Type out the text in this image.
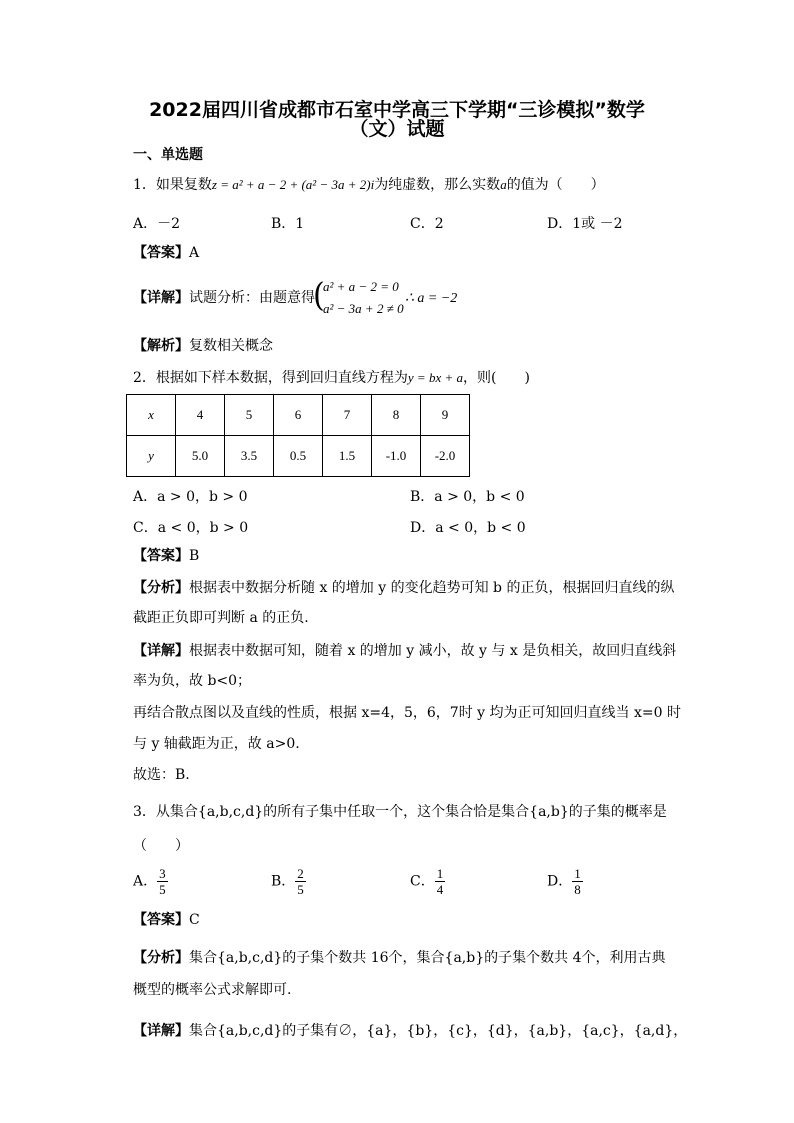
2022届四川省成都市石室中学高三下学期“三诊模拟”数学
（文）试题
一、单选题
1．如果复数z = a² + a − 2 + (a² − 3a + 2)i为纯虚数，那么实数a的值为（　　）
A．－2	B．1	C．2	D．1或 －2
【答案】A
【详解】试题分析：由题意得
(
a² + a − 2 = 0
a² − 3a + 2 ≠ 0
∴ a = −2
【解析】复数相关概念
2．根据如下样本数据，得到回归直线方程为y = bx + a，则(　　)
x	4	5	6	7	8	9
y	5.0	3.5	0.5	1.5	-1.0	-2.0
A．a > 0，b > 0	B．a > 0，b < 0
C．a < 0，b > 0	D．a < 0，b < 0
【答案】B
【分析】根据表中数据分析随 x 的增加 y 的变化趋势可知 b 的正负，根据回归直线的纵
截距正负即可判断 a 的正负.
【详解】根据表中数据可知，随着 x 的增加 y 减小，故 y 与 x 是负相关，故回归直线斜
率为负，故 b<0；
再结合散点图以及直线的性质，根据 x=4，5，6，7时 y 均为正可知回归直线当 x=0 时
与 y 轴截距为正，故 a>0.
故选：B.
3．从集合{a,b,c,d}的所有子集中任取一个，这个集合恰是集合{a,b}的子集的概率是
（　　）
A． $\frac{3}{5}$	B． $\frac{2}{5}$	C． $\frac{1}{4}$	D． $\frac{1}{8}$
【答案】C
【分析】集合{a,b,c,d}的子集个数共 16个，集合{a,b}的子集个数共 4个，利用古典
概型的概率公式求解即可.
【详解】集合{a,b,c,d}的子集有∅，{a}，{b}，{c}，{d}，{a,b}，{a,c}，{a,d}，
